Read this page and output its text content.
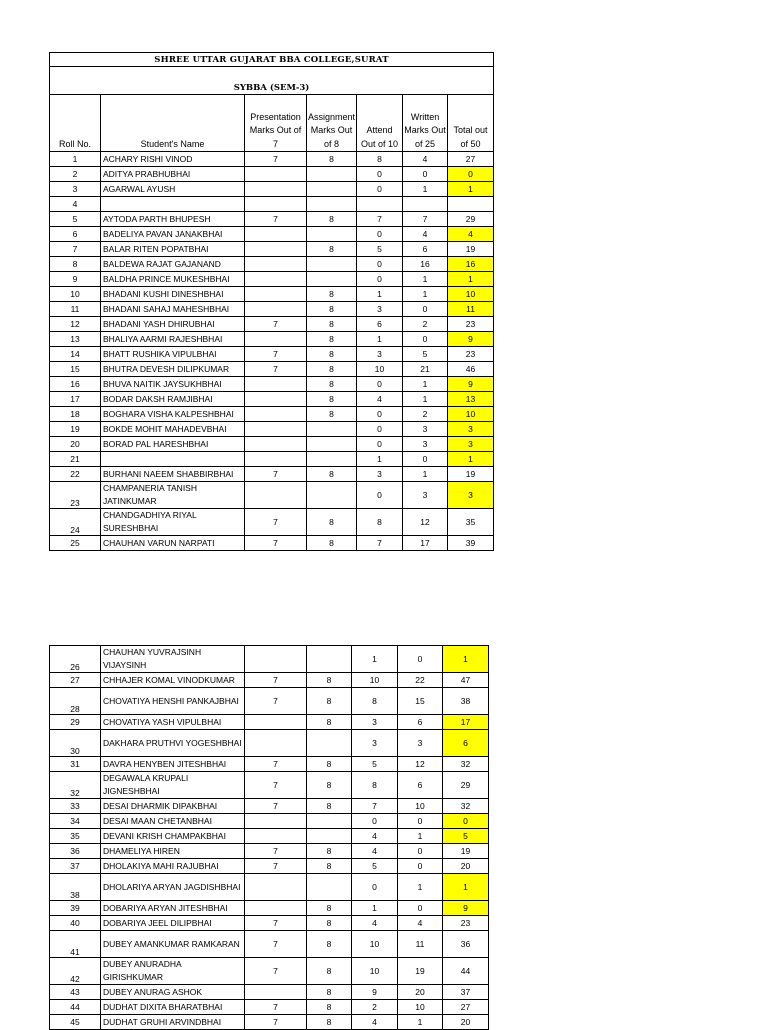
SHREE UTTAR GUJARAT BBA COLLEGE,SURAT						
SYBBA (SEM-3)						
Roll No.	Student's Name	Presentation Marks Out of 7	Assignment Marks Out of 8	Attend Out of 10	Written Marks Out of 25	Total out of 50
1	ACHARY RISHI VINOD	7	8	8	4	27
2	ADITYA PRABHUBHAI			0	0	0
3	AGARWAL AYUSH			0	1	1
4						
5	AYTODA PARTH BHUPESH	7	8	7	7	29
6	BADELIYA PAVAN JANAKBHAI			0	4	4
7	BALAR RITEN POPATBHAI		8	5	6	19
8	BALDEWA RAJAT GAJANAND			0	16	16
9	BALDHA PRINCE MUKESHBHAI			0	1	1
10	BHADANI KUSHI DINESHBHAI		8	1	1	10
11	BHADANI SAHAJ MAHESHBHAI		8	3	0	11
12	BHADANI YASH DHIRUBHAI	7	8	6	2	23
13	BHALIYA AARMI RAJESHBHAI		8	1	0	9
14	BHATT RUSHIKA VIPULBHAI	7	8	3	5	23
15	BHUTRA DEVESH DILIPKUMAR	7	8	10	21	46
16	BHUVA NAITIK JAYSUKHBHAI		8	0	1	9
17	BODAR DAKSH RAMJIBHAI		8	4	1	13
18	BOGHARA VISHA KALPESHBHAI		8	0	2	10
19	BOKDE MOHIT MAHADEVBHAI			0	3	3
20	BORAD PAL HARESHBHAI			0	3	3
21				1	0	1
22	BURHANI NAEEM SHABBIRBHAI	7	8	3	1	19
23	CHAMPANERIA TANISH JATINKUMAR			0	3	3
24	CHANDGADHIYA RIYAL SURESHBHAI	7	8	8	12	35
25	CHAUHAN VARUN NARPATI	7	8	7	17	39
26	CHAUHAN YUVRAJSINH VIJAYSINH			1	0	1
27	CHHAJER KOMAL VINODKUMAR	7	8	10	22	47
28	CHOVATIYA HENSHI PANKAJBHAI	7	8	8	15	38
29	CHOVATIYA YASH VIPULBHAI		8	3	6	17
30	DAKHARA PRUTHVI YOGESHBHAI			3	3	6
31	DAVRA HENYBEN JITESHBHAI	7	8	5	12	32
32	DEGAWALA KRUPALI JIGNESHBHAI	7	8	8	6	29
33	DESAI DHARMIK DIPAKBHAI	7	8	7	10	32
34	DESAI MAAN CHETANBHAI			0	0	0
35	DEVANI KRISH CHAMPAKBHAI			4	1	5
36	DHAMELIYA HIREN	7	8	4	0	19
37	DHOLAKIYA MAHI RAJUBHAI	7	8	5	0	20
38	DHOLARIYA ARYAN JAGDISHBHAI			0	1	1
39	DOBARIYA ARYAN JITESHBHAI		8	1	0	9
40	DOBARIYA JEEL DILIPBHAI	7	8	4	4	23
41	DUBEY AMANKUMAR RAMKARAN	7	8	10	11	36
42	DUBEY ANURADHA GIRISHKUMAR	7	8	10	19	44
43	DUBEY ANURAG ASHOK		8	9	20	37
44	DUDHAT DIXITA BHARATBHAI	7	8	2	10	27
45	DUDHAT GRUHI ARVINDBHAI	7	8	4	1	20
